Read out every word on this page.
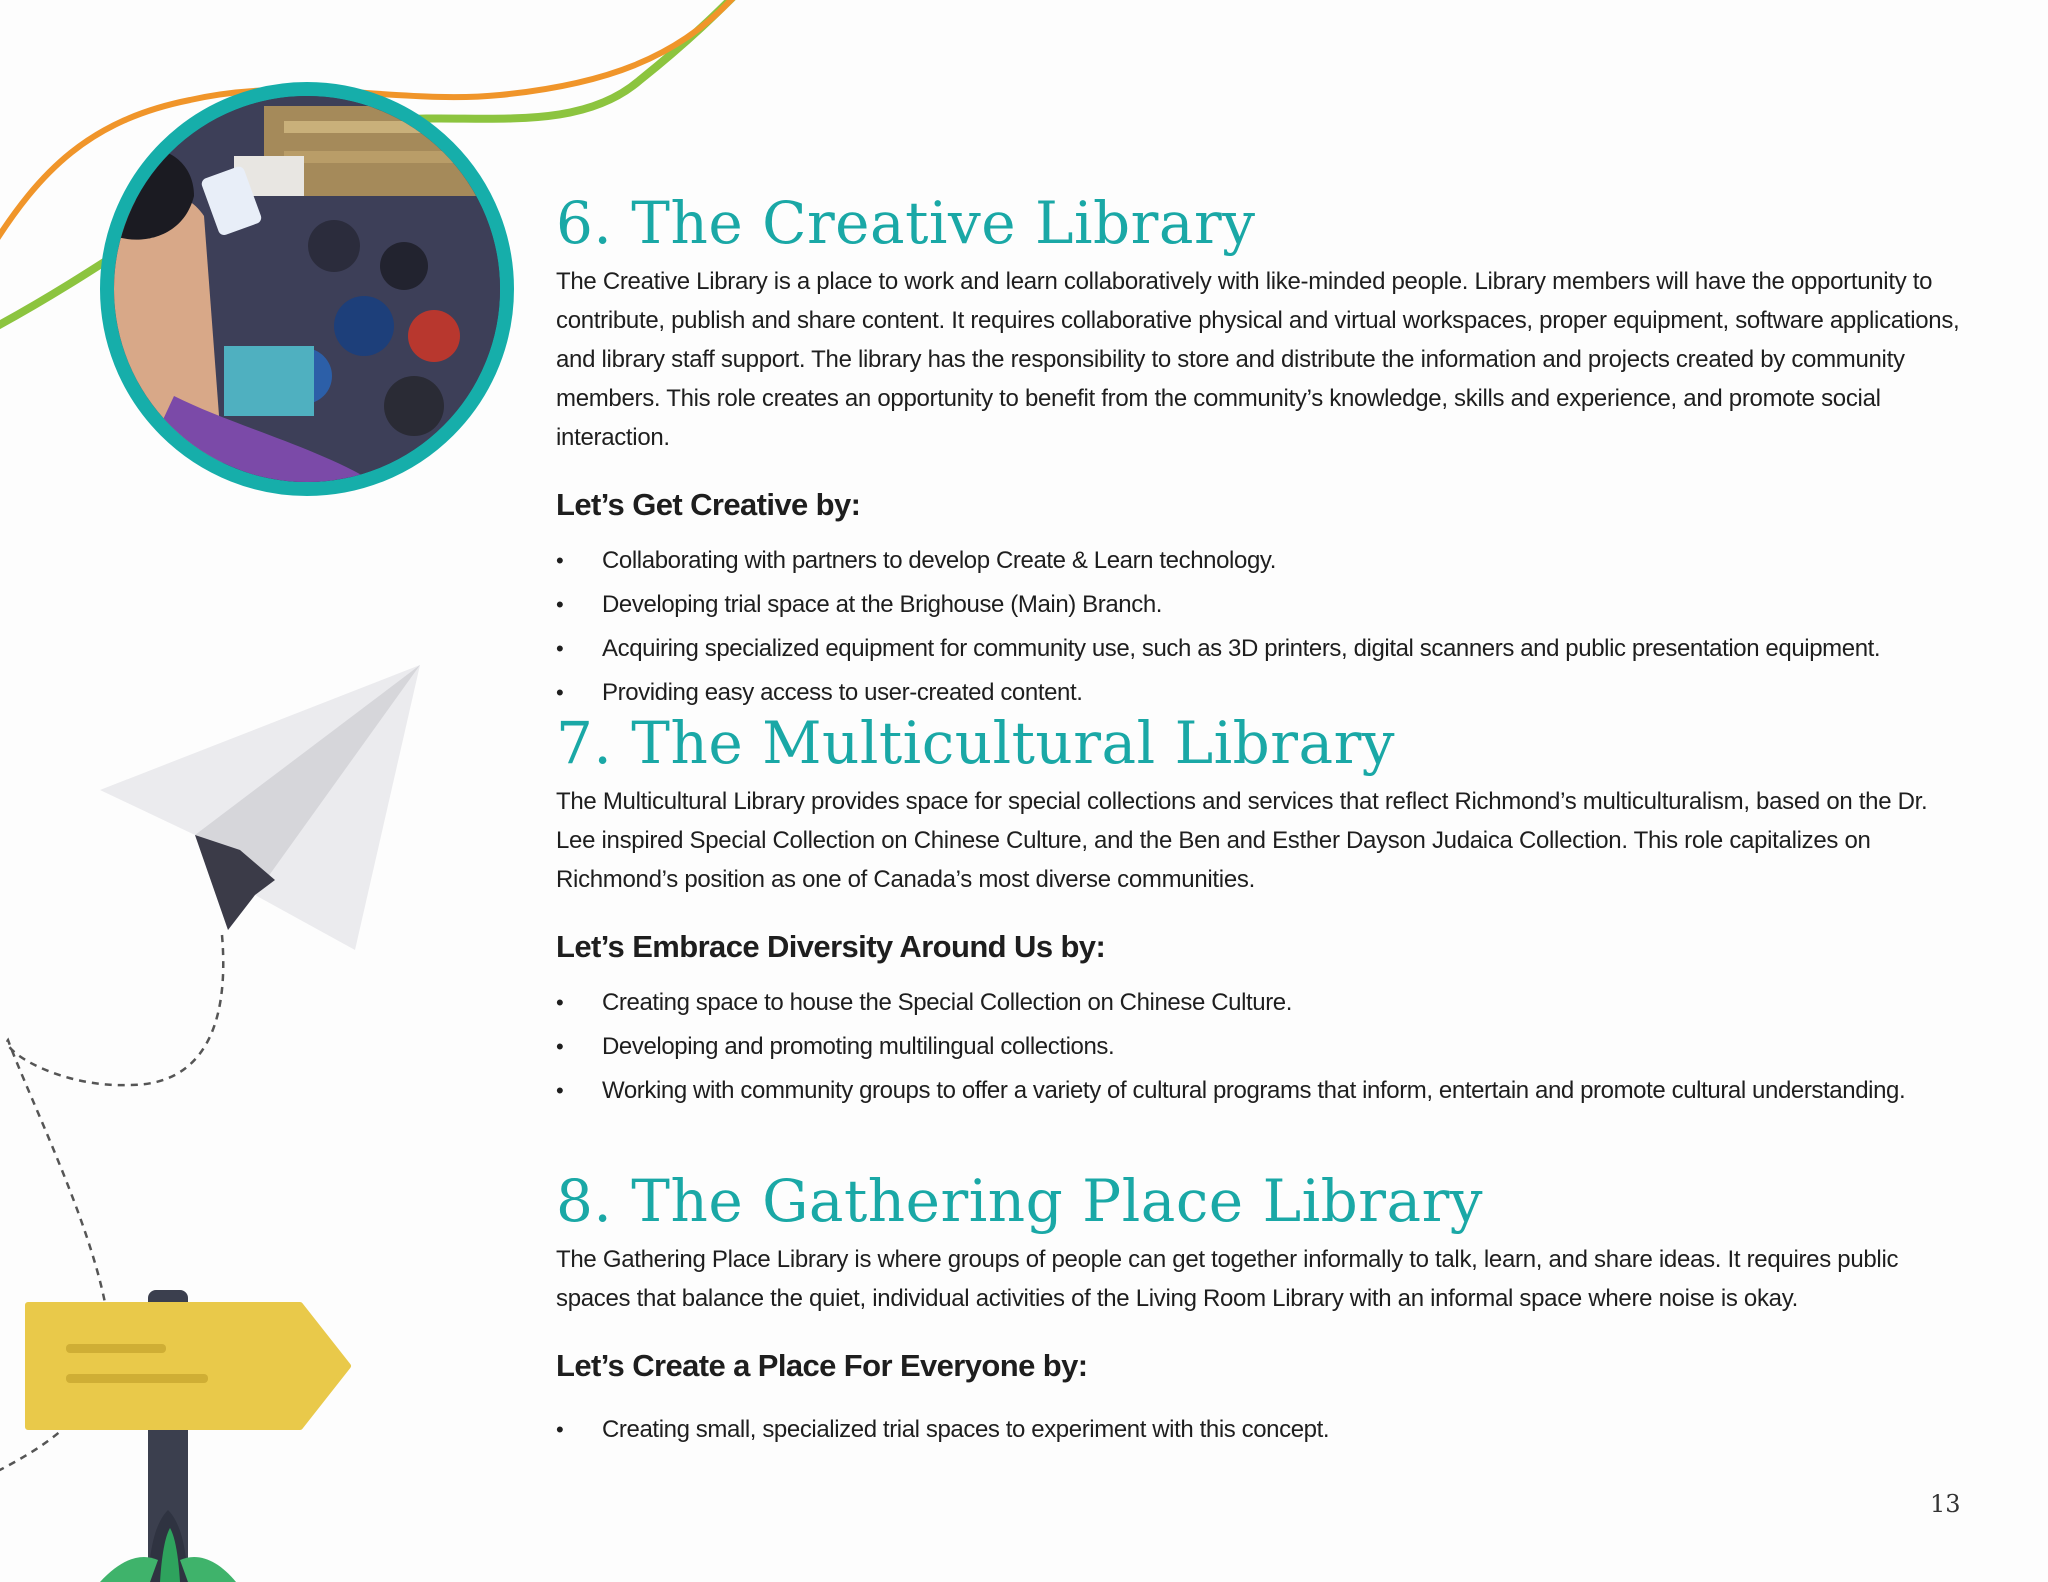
6. The Creative Library

The Creative Library is a place to work and learn collaboratively with like-minded people. Library members will have the opportunity to contribute, publish and share content. It requires collaborative physical and virtual workspaces, proper equipment, software applications, and library staff support. The library has the responsibility to store and distribute the information and projects created by community members. This role creates an opportunity to benefit from the community’s knowledge, skills and experience, and promote social interaction.

Let’s Get Creative by:
• Collaborating with partners to develop Create & Learn technology.
• Developing trial space at the Brighouse (Main) Branch.
• Acquiring specialized equipment for community use, such as 3D printers, digital scanners and public presentation equipment.
• Providing easy access to user-created content.
7. The Multicultural Library

The Multicultural Library provides space for special collections and services that reflect Richmond’s multiculturalism, based on the Dr. Lee inspired Special Collection on Chinese Culture, and the Ben and Esther Dayson Judaica Collection. This role capitalizes on Richmond’s position as one of Canada’s most diverse communities.

Let’s Embrace Diversity Around Us by:
• Creating space to house the Special Collection on Chinese Culture.
• Developing and promoting multilingual collections.
• Working with community groups to offer a variety of cultural programs that inform, entertain and promote cultural understanding.
8. The Gathering Place Library

The Gathering Place Library is where groups of people can get together informally to talk, learn, and share ideas. It requires public spaces that balance the quiet, individual activities of the Living Room Library with an informal space where noise is okay.

Let’s Create a Place For Everyone by:
• Creating small, specialized trial spaces to experiment with this concept.
13
